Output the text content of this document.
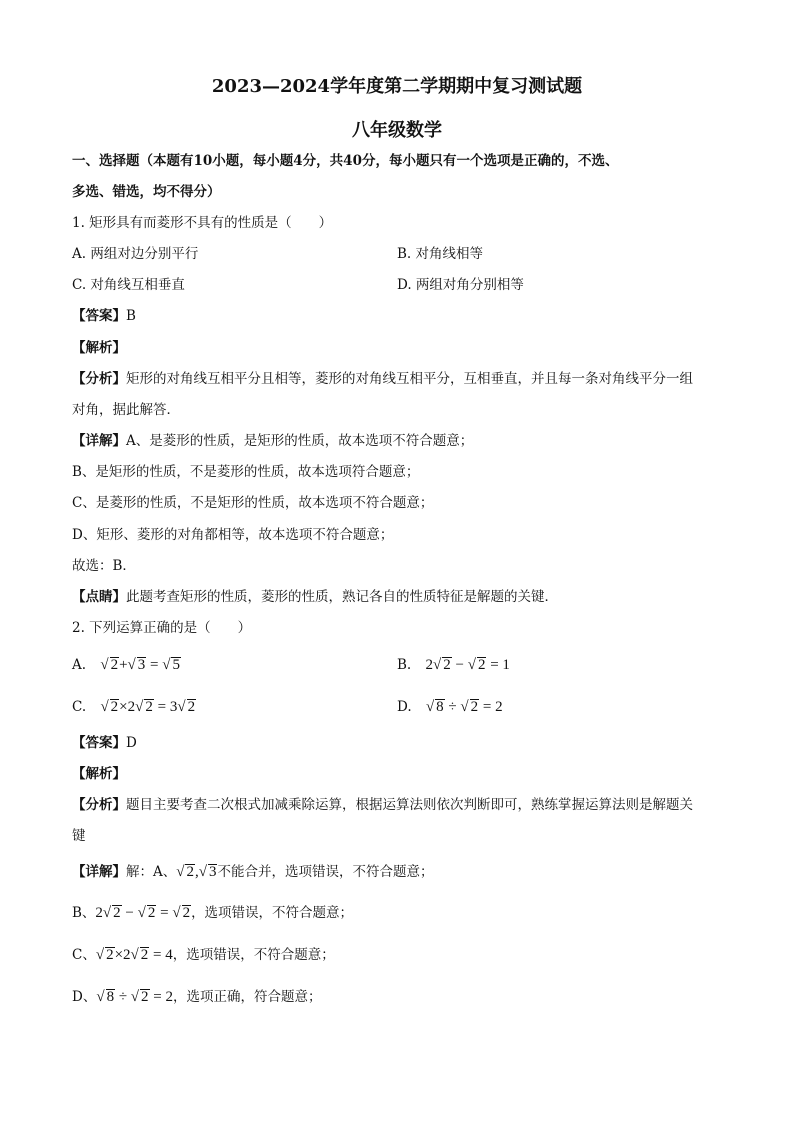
2023—2024学年度第二学期期中复习测试题
八年级数学
一、选择题（本题有10小题，每小题4分，共40分，每小题只有一个选项是正确的，不选、
多选、错选，均不得分）
1. 矩形具有而菱形不具有的性质是（　　）
A. 两组对边分别平行	B. 对角线相等
C. 对角线互相垂直	D. 两组对角分别相等
【答案】B
【解析】
【分析】矩形的对角线互相平分且相等，菱形的对角线互相平分，互相垂直，并且每一条对角线平分一组
对角，据此解答．
【详解】A、是菱形的性质，是矩形的性质，故本选项不符合题意；
B、是矩形的性质，不是菱形的性质，故本选项符合题意；
C、是菱形的性质，不是矩形的性质，故本选项不符合题意；
D、矩形、菱形的对角都相等，故本选项不符合题意；
故选：B．
【点睛】此题考查矩形的性质，菱形的性质，熟记各自的性质特征是解题的关键．
2. 下列运算正确的是（　　）
A. √ 2+√ 3 = √ 5	B. 2√ 2 − √ 2 = 1
C. √ 2×2√ 2 = 3√ 2	D. √ 8 ÷ √ 2 = 2
【答案】D
【解析】
【分析】题目主要考查二次根式加减乘除运算，根据运算法则依次判断即可，熟练掌握运算法则是解题关
键
【详解】解：A、√ 2,√ 3不能合并，选项错误，不符合题意；
B、2√ 2 − √ 2 = √ 2，选项错误，不符合题意；
C、√ 2×2√ 2 = 4，选项错误，不符合题意；
D、√ 8 ÷ √ 2 = 2，选项正确，符合题意；
